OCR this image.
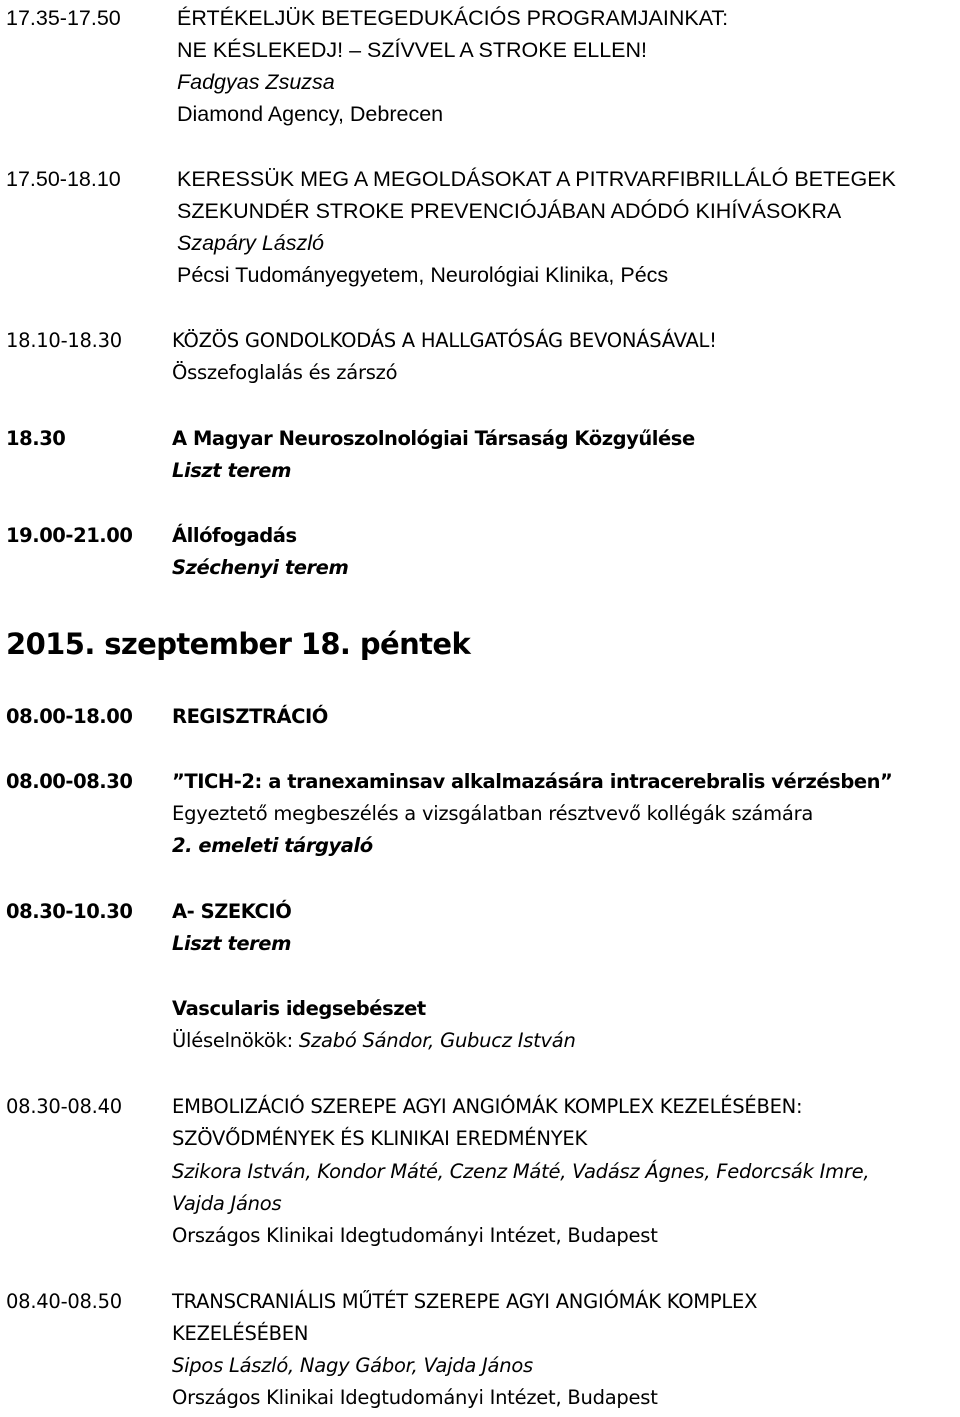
17.35-17.50	ÉRTÉKELJÜK BETEGEDUKÁCIÓS PROGRAMJAINKAT:
NE KÉSLEKEDJ! – SZÍVVEL A STROKE ELLEN!
Fadgyas Zsuzsa
Diamond Agency, Debrecen
17.50-18.10	KERESSÜK MEG A MEGOLDÁSOKAT A PITRVARFIBRILLÁLÓ BETEGEK
SZEKUNDÉR STROKE PREVENCIÓJÁBAN ADÓDÓ KIHÍVÁSOKRA
Szapáry László
Pécsi Tudományegyetem, Neurológiai Klinika, Pécs
18.10-18.30	KÖZÖS GONDOLKODÁS A HALLGATÓSÁG BEVONÁSÁVAL!
Összefoglalás és zárszó
18.30	A Magyar Neuroszolnológiai Társaság Közgyűlése
Liszt terem
19.00-21.00 Állófogadás
Széchenyi terem
2015. szeptember 18. péntek
08.00-18.00 REGISZTRÁCIÓ
08.00-08.30 ”TICH-2: a tranexaminsav alkalmazására intracerebralis vérzésben”
Egyeztető megbeszélés a vizsgálatban résztvevő kollégák számára
2. emeleti tárgyaló
08.30-10.30 A- SZEKCIÓ
Liszt terem
Vascularis idegsebészet
Üléselnökök: Szabó Sándor, Gubucz István
08.30-08.40	EMBOLIZÁCIÓ SZEREPE AGYI ANGIÓMÁK KOMPLEX KEZELÉSÉBEN:
SZÖVŐDMÉNYEK ÉS KLINIKAI EREDMÉNYEK
Szikora István, Kondor Máté, Czenz Máté, Vadász Ágnes, Fedorcsák Imre,
Vajda János
Országos Klinikai Idegtudományi Intézet, Budapest
08.40-08.50	TRANSCRANIÁLIS MŰTÉT SZEREPE AGYI ANGIÓMÁK KOMPLEX
KEZELÉSÉBEN
Sipos László, Nagy Gábor, Vajda János
Országos Klinikai Idegtudományi Intézet, Budapest
